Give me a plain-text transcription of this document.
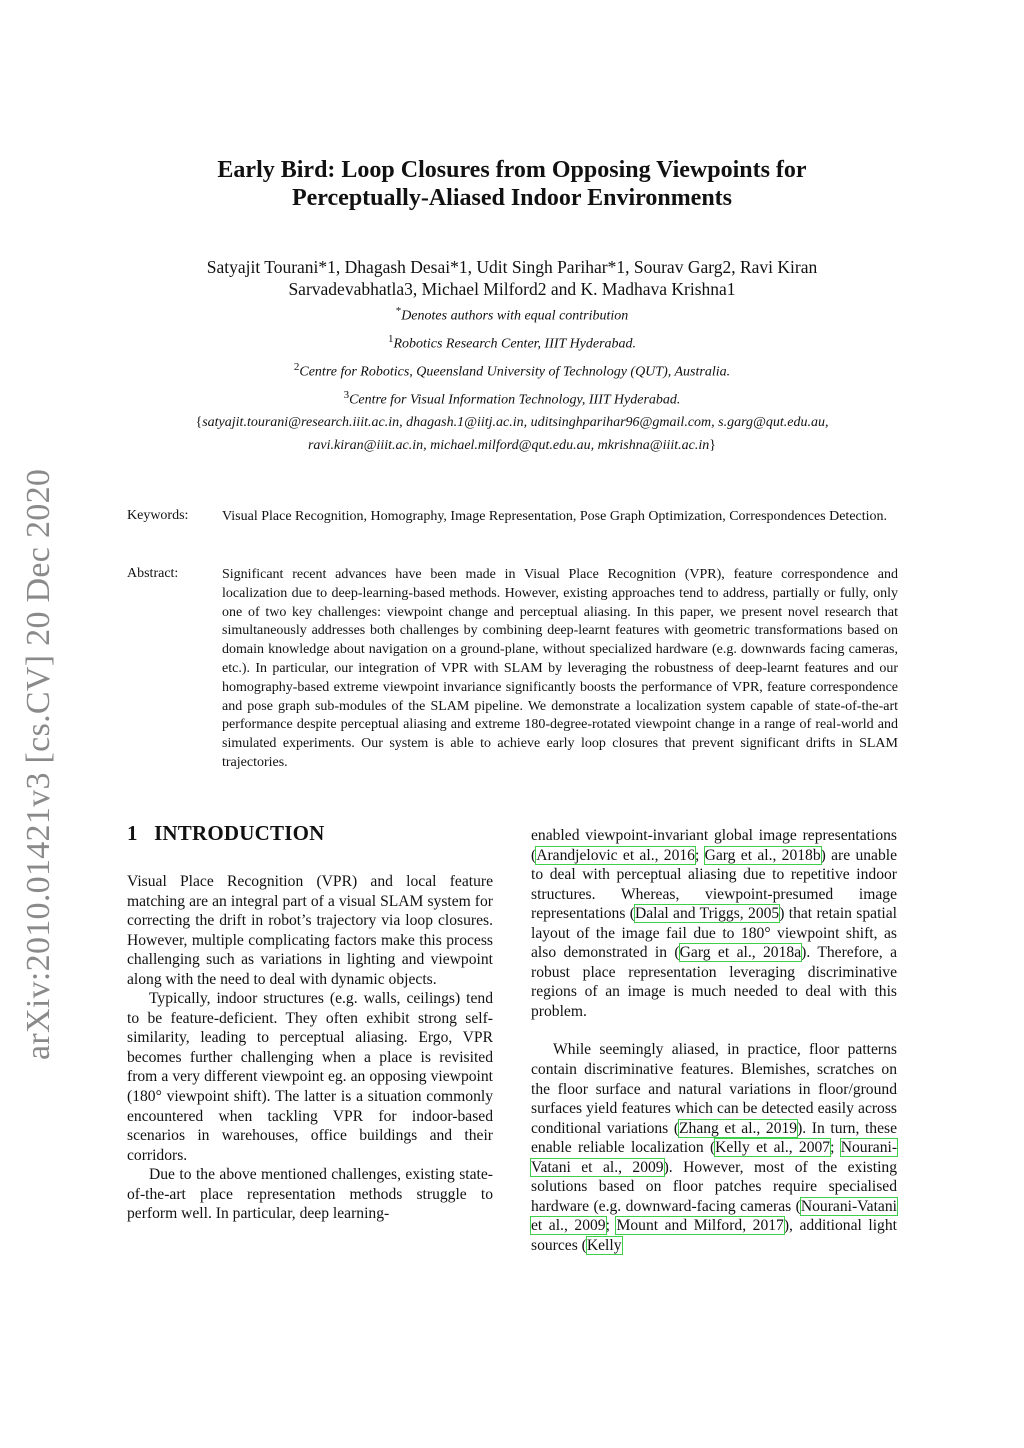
arXiv:2010.01421v3 [cs.CV] 20 Dec 2020
Early Bird: Loop Closures from Opposing Viewpoints for
Perceptually-Aliased Indoor Environments
Satyajit Tourani*1, Dhagash Desai*1, Udit Singh Parihar*1, Sourav Garg2, Ravi Kiran
Sarvadevabhatla3, Michael Milford2 and K. Madhava Krishna1
*Denotes authors with equal contribution
$^1$Robotics Research Center, IIIT Hyderabad.
$^2$Centre for Robotics, Queensland University of Technology (QUT), Australia.
$^3$Centre for Visual Information Technology, IIIT Hyderabad.
{satyajit.tourani@research.iiit.ac.in, dhagash.1@iitj.ac.in, uditsinghparihar96@gmail.com, s.garg@qut.edu.au,
ravi.kiran@iiit.ac.in, michael.milford@qut.edu.au, mkrishna@iiit.ac.in}
Keywords: Visual Place Recognition, Homography, Image Representation, Pose Graph Optimization, Correspondences Detection.
Abstract:	Significant recent advances have been made in Visual Place Recognition (VPR), feature correspondence and localization due to deep-learning-based methods. However, existing approaches tend to address, partially or fully, only one of two key challenges: viewpoint change and perceptual aliasing. In this paper, we present novel research that simultaneously addresses both challenges by combining deep-learnt features with geometric transformations based on domain knowledge about navigation on a ground-plane, without specialized hardware (e.g. downwards facing cameras, etc.). In particular, our integration of VPR with SLAM by leveraging the robustness of deep-learnt features and our homography-based extreme viewpoint invariance significantly boosts the performance of VPR, feature correspondence and pose graph sub-modules of the SLAM pipeline. We demonstrate a localization system capable of state-of-the-art performance despite perceptual aliasing and extreme 180-degree-rotated viewpoint change in a range of real-world and simulated experiments. Our system is able to achieve early loop closures that prevent significant drifts in SLAM trajectories.
1 INTRODUCTION

Visual Place Recognition (VPR) and local feature matching are an integral part of a visual SLAM system for correcting the drift in robot’s trajectory via loop closures. However, multiple complicating factors make this process challenging such as variations in lighting and viewpoint along with the need to deal with dynamic objects.

Typically, indoor structures (e.g. walls, ceilings) tend to be feature-deficient. They often exhibit strong self-similarity, leading to perceptual aliasing. Ergo, VPR becomes further challenging when a place is revisited from a very different viewpoint eg. an opposing viewpoint (180° viewpoint shift). The latter is a situation commonly encountered when tackling VPR for indoor-based scenarios in warehouses, office buildings and their corridors.

Due to the above mentioned challenges, existing state-of-the-art place representation methods struggle to perform well. In particular, deep learning-

enabled viewpoint-invariant global image representations (Arandjelovic et al., 2016; Garg et al., 2018b) are unable to deal with perceptual aliasing due to repetitive indoor structures. Whereas, viewpoint-presumed image representations (Dalal and Triggs, 2005) that retain spatial layout of the image fail due to 180° viewpoint shift, as also demonstrated in (Garg et al., 2018a). Therefore, a robust place representation leveraging discriminative regions of an image is much needed to deal with this problem.

While seemingly aliased, in practice, floor patterns contain discriminative features. Blemishes, scratches on the floor surface and natural variations in floor/ground surfaces yield features which can be detected easily across conditional variations (Zhang et al., 2019). In turn, these enable reliable localization (Kelly et al., 2007; Nourani-Vatani et al., 2009). However, most of the existing solutions based on floor patches require specialised hardware (e.g. downward-facing cameras (Nourani-Vatani et al., 2009; Mount and Milford, 2017), additional light sources (Kelly
